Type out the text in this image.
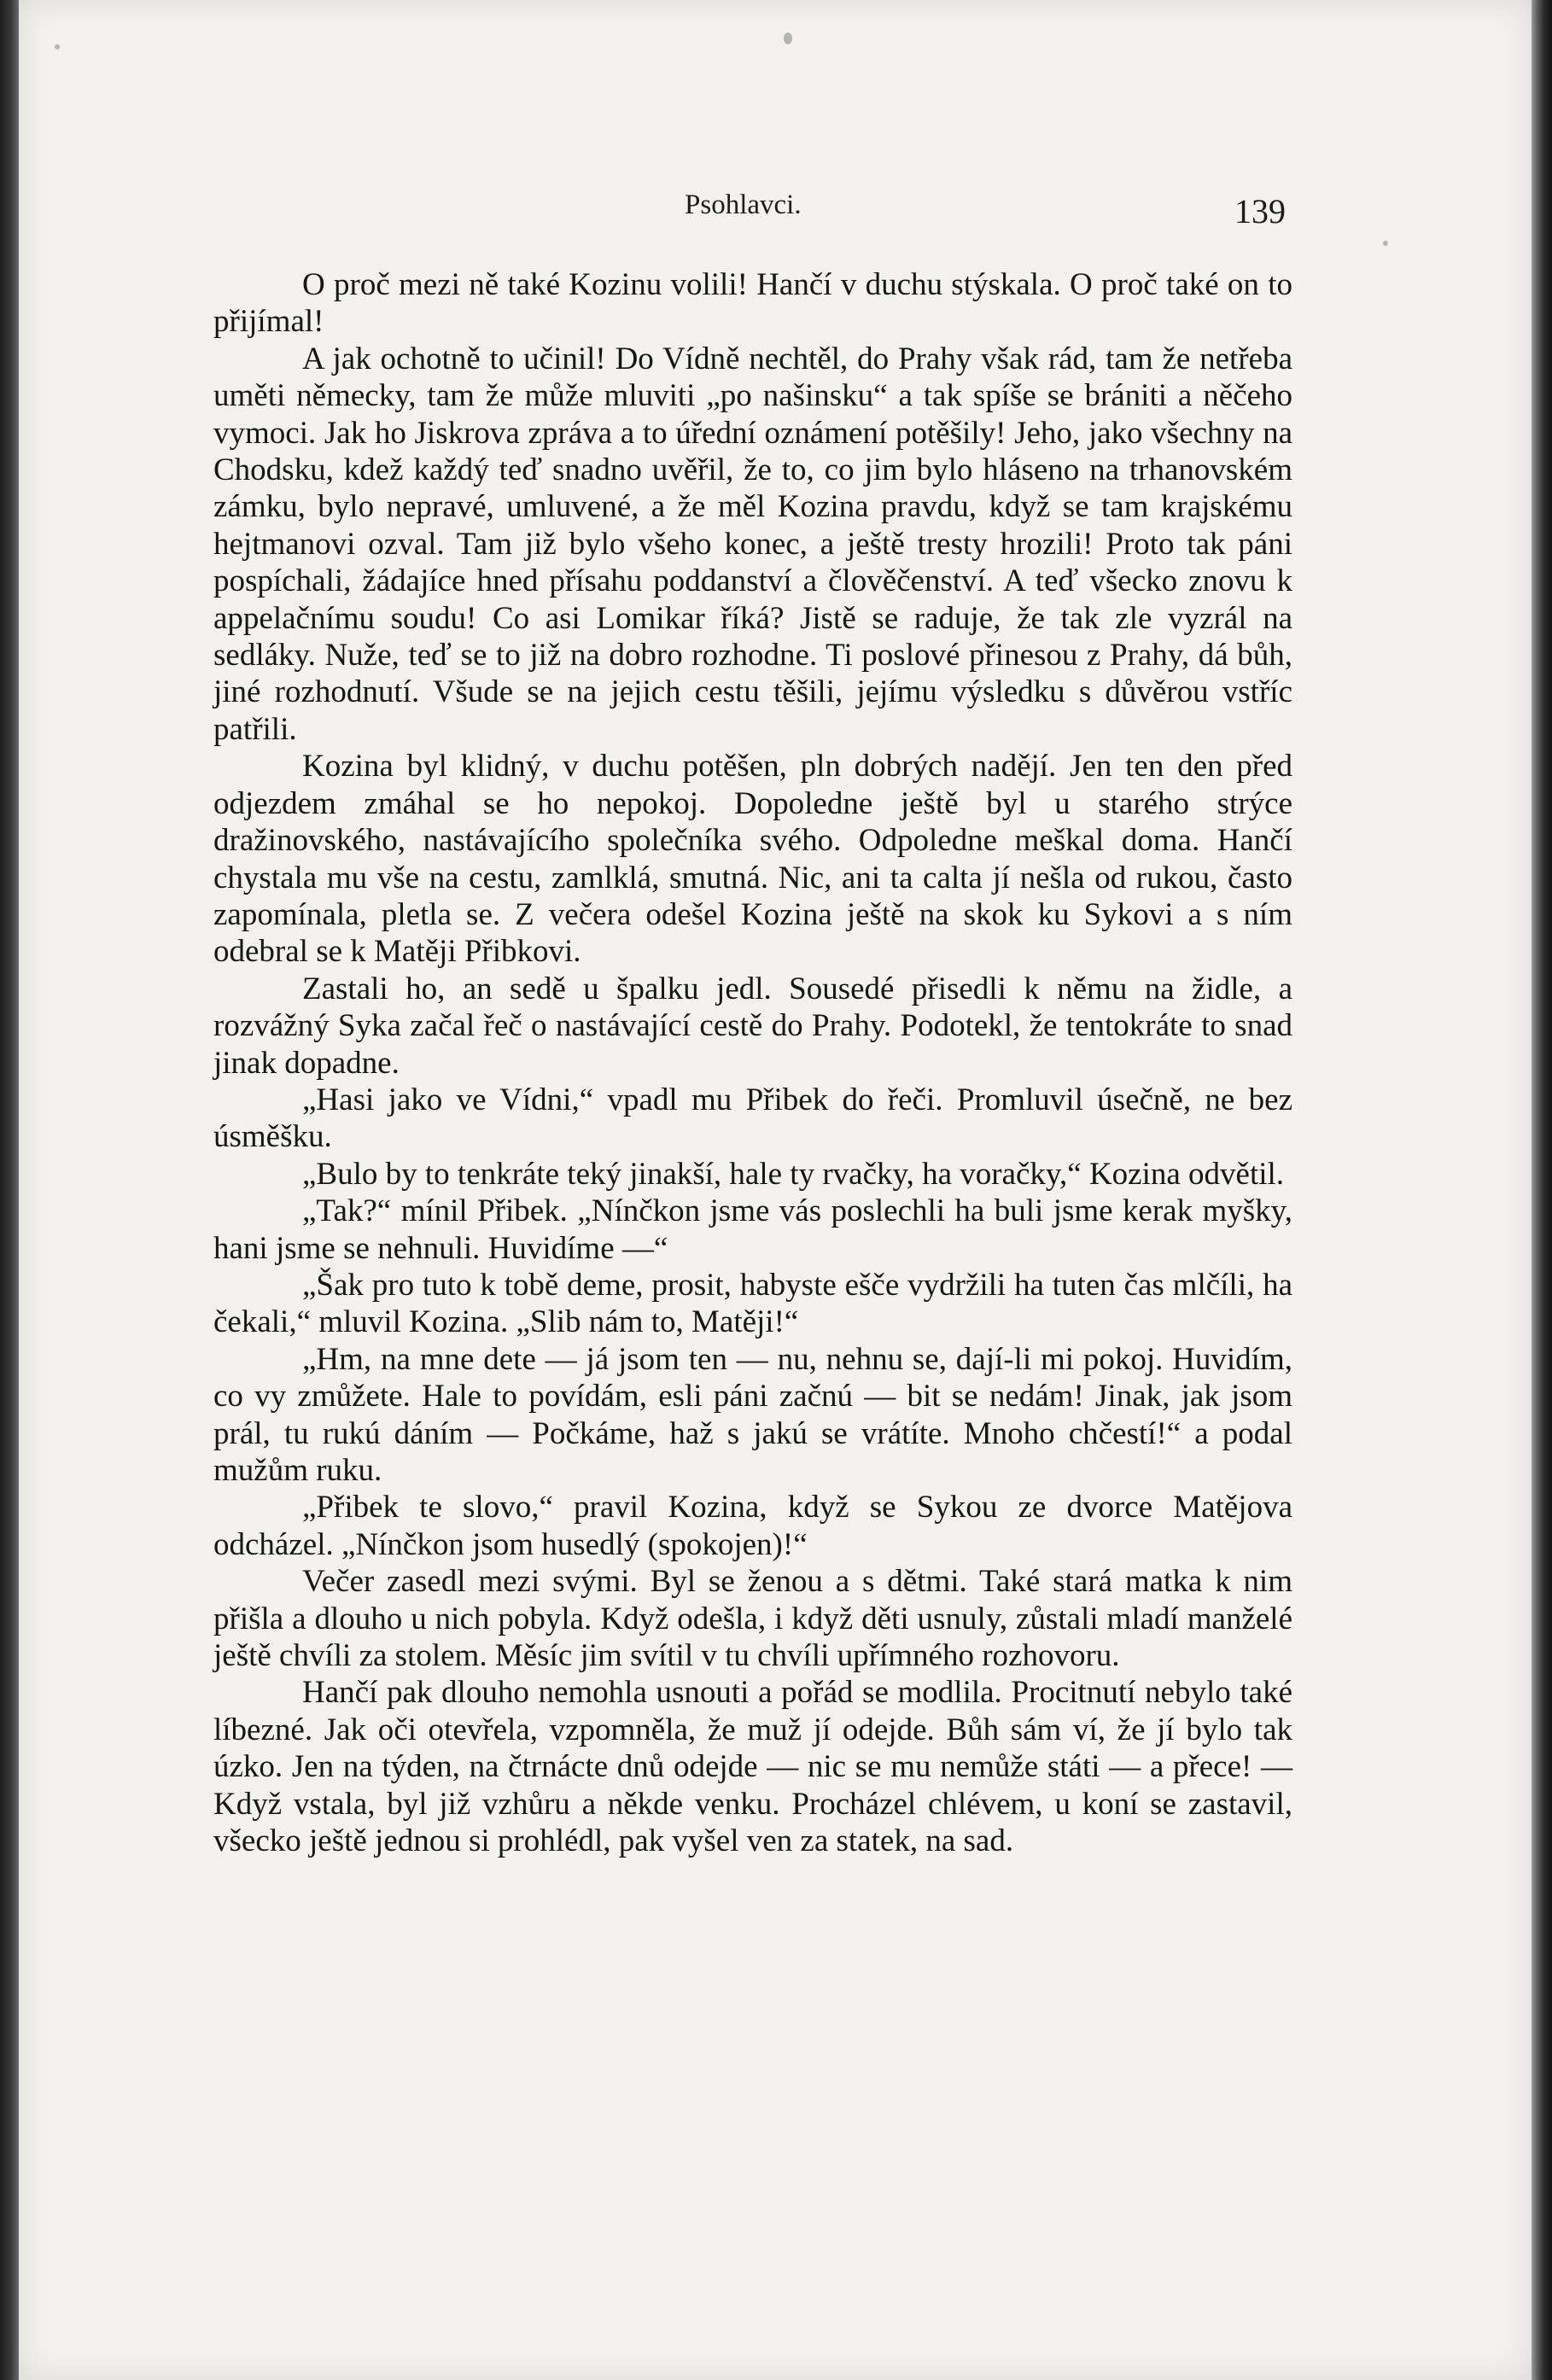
Psohlavci.	139

O proč mezi ně také Kozinu volili! Hančí v duchu stýskala. O proč také on to přijímal!

A jak ochotně to učinil! Do Vídně nechtěl, do Prahy však rád, tam že netřeba uměti německy, tam že může mluviti „po našinsku“ a tak spíše se brániti a něčeho vymoci. Jak ho Jiskrova zpráva a to úřední oznámení potěšily! Jeho, jako všechny na Chodsku, kdež každý teď snadno uvěřil, že to, co jim bylo hláseno na trhanovském zámku, bylo nepravé, umluvené, a že měl Kozina pravdu, když se tam krajskému hejtmanovi ozval. Tam již bylo všeho konec, a ještě tresty hrozili! Proto tak páni pospíchali, žádajíce hned přísahu poddanství a člověčenství. A teď všecko znovu k appelačnímu soudu! Co asi Lomikar říká? Jistě se raduje, že tak zle vyzrál na sedláky. Nuže, teď se to již na dobro rozhodne. Ti poslové přinesou z Prahy, dá bůh, jiné rozhodnutí. Všude se na jejich cestu těšili, jejímu výsledku s důvěrou vstříc patřili.

Kozina byl klidný, v duchu potěšen, pln dobrých nadějí. Jen ten den před odjezdem zmáhal se ho nepokoj. Dopoledne ještě byl u starého strýce dražinovského, nastávajícího společníka svého. Odpoledne meškal doma. Hančí chystala mu vše na cestu, zamlklá, smutná. Nic, ani ta calta jí nešla od rukou, často zapomínala, pletla se. Z večera odešel Kozina ještě na skok ku Sykovi a s ním odebral se k Matěji Přibkovi.

Zastali ho, an sedě u špalku jedl. Sousedé přisedli k němu na židle, a rozvážný Syka začal řeč o nastávající cestě do Prahy. Podotekl, že tentokráte to snad jinak dopadne.

„Hasi jako ve Vídni,“ vpadl mu Přibek do řeči. Promluvil úsečně, ne bez úsměšku.

„Bulo by to tenkráte teký jinakší, hale ty rvačky, ha voračky,“ Kozina odvětil.

„Tak?“ mínil Přibek. „Nínčkon jsme vás poslechli ha buli jsme kerak myšky, hani jsme se nehnuli. Huvidíme —“

„Šak pro tuto k tobě deme, prosit, habyste ešče vydržili ha tuten čas mlčíli, ha čekali,“ mluvil Kozina. „Slib nám to, Matěji!“

„Hm, na mne dete — já jsom ten — nu, nehnu se, dají-li mi pokoj. Huvidím, co vy zmůžete. Hale to povídám, esli páni začnú — bit se nedám! Jinak, jak jsom prál, tu rukú dáním — Počkáme, haž s jakú se vrátíte. Mnoho chčestí!“ a podal mužům ruku.

„Přibek te slovo,“ pravil Kozina, když se Sykou ze dvorce Matějova odcházel. „Nínčkon jsom husedlý (spokojen)!“

Večer zasedl mezi svými. Byl se ženou a s dětmi. Také stará matka k nim přišla a dlouho u nich pobyla. Když odešla, i když děti usnuly, zůstali mladí manželé ještě chvíli za stolem. Měsíc jim svítil v tu chvíli upřímného rozhovoru.

Hančí pak dlouho nemohla usnouti a pořád se modlila. Procitnutí nebylo také líbezné. Jak oči otevřela, vzpomněla, že muž jí odejde. Bůh sám ví, že jí bylo tak úzko. Jen na týden, na čtrnácte dnů odejde — nic se mu nemůže státi — a přece! — Když vstala, byl již vzhůru a někde venku. Procházel chlévem, u koní se zastavil, všecko ještě jednou si prohlédl, pak vyšel ven za statek, na sad.
